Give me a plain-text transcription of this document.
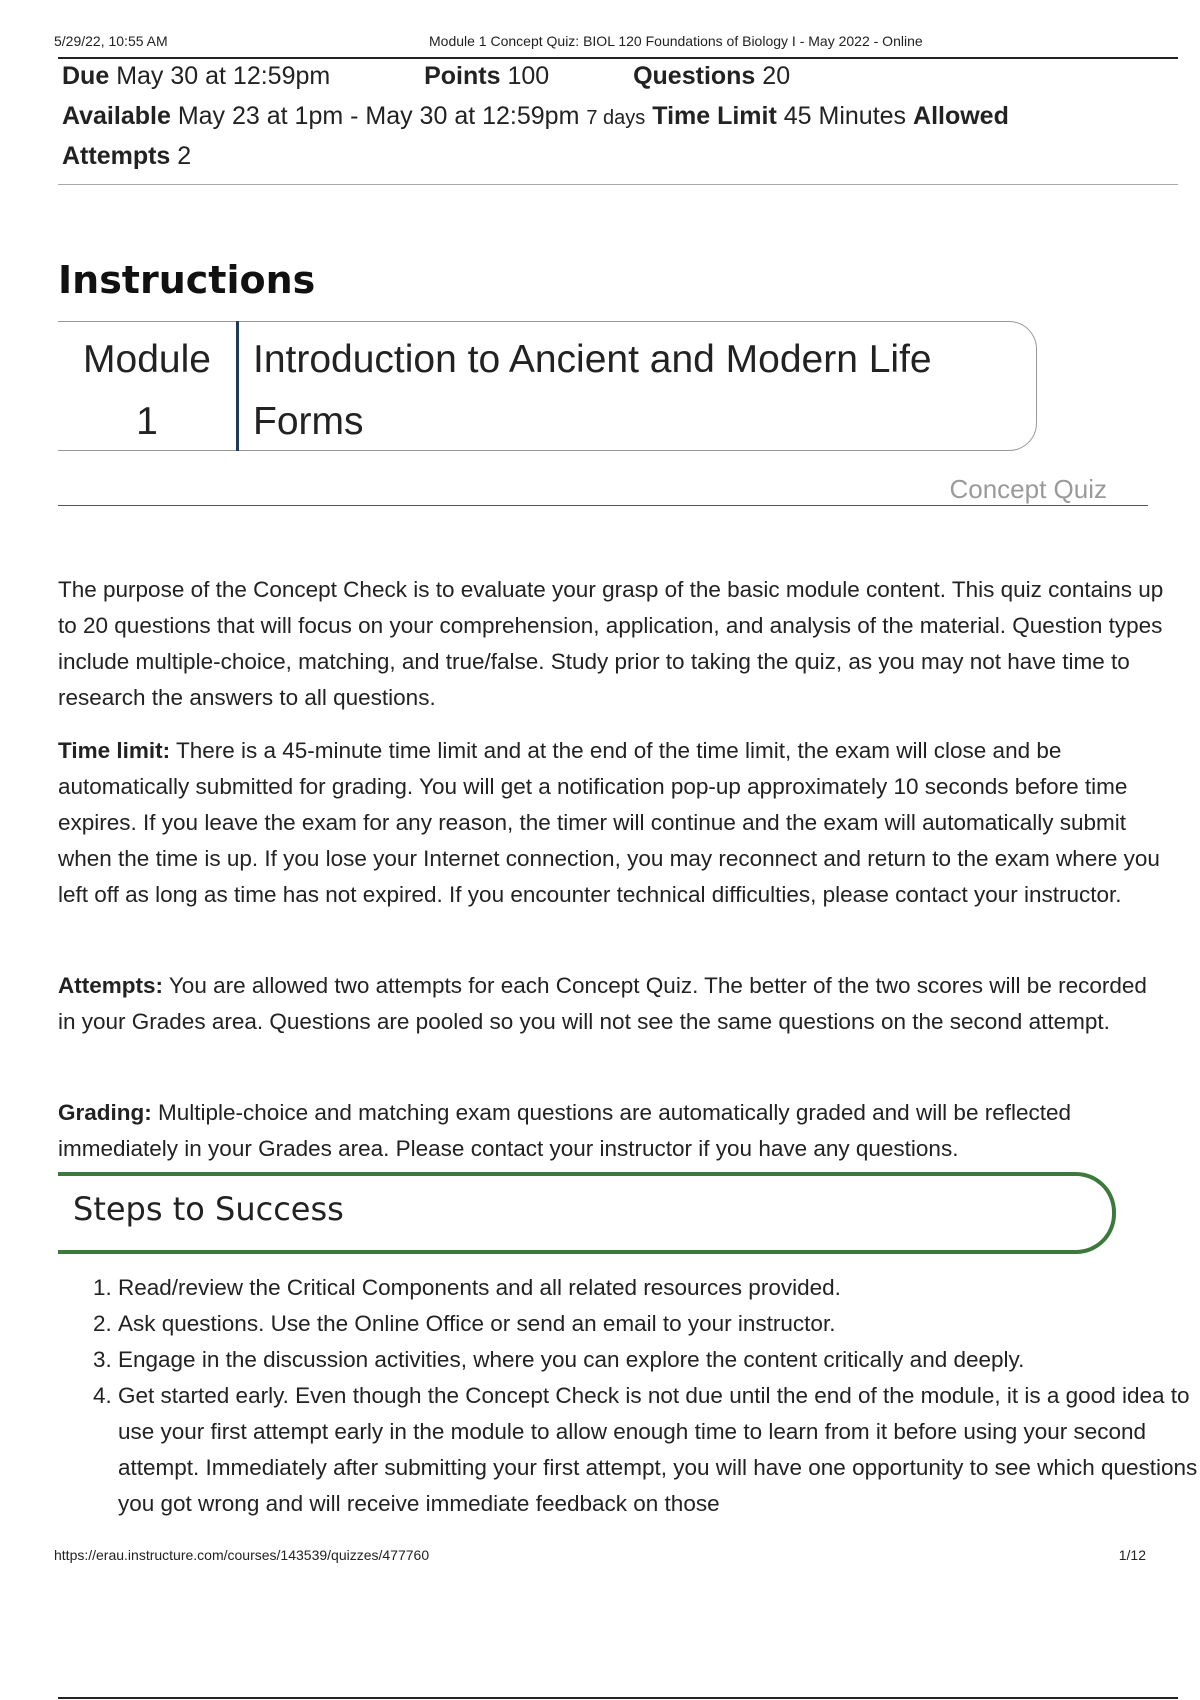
5/29/22, 10:55 AM	Module 1 Concept Quiz: BIOL 120 Foundations of Biology I - May 2022 - Online
Due May 30 at 12:59pm	Points 100	Questions 20
Available May 23 at 1pm - May 30 at 12:59pm 7 days Time Limit 45 Minutes Allowed
Attempts 2
Instructions
Module
1
Introduction to Ancient and Modern Life Forms
Concept Quiz

The purpose of the Concept Check is to evaluate your grasp of the basic module content. This quiz contains up to 20 questions that will focus on your comprehension, application, and analysis of the material. Question types include multiple-choice, matching, and true/false. Study prior to taking the quiz, as you may not have time to research the answers to all questions.

Time limit: There is a 45-minute time limit and at the end of the time limit, the exam will close and be automatically submitted for grading. You will get a notification pop-up approximately 10 seconds before time expires. If you leave the exam for any reason, the timer will continue and the exam will automatically submit when the time is up. If you lose your Internet connection, you may reconnect and return to the exam where you left off as long as time has not expired. If you encounter technical difficulties, please contact your instructor.

Attempts: You are allowed two attempts for each Concept Quiz. The better of the two scores will be recorded in your Grades area. Questions are pooled so you will not see the same questions on the second attempt.

Grading: Multiple-choice and matching exam questions are automatically graded and will be reflected immediately in your Grades area. Please contact your instructor if you have any questions.

Steps to Success
1. Read/review the Critical Components and all related resources provided.
2. Ask questions. Use the Online Office or send an email to your instructor.
3. Engage in the discussion activities, where you can explore the content critically and deeply.
4. Get started early. Even though the Concept Check is not due until the end of the module, it is a good idea to use your first attempt early in the module to allow enough time to learn from it before using your second attempt. Immediately after submitting your first attempt, you will have one opportunity to see which questions you got wrong and will receive immediate feedback on those
https://erau.instructure.com/courses/143539/quizzes/477760	1/12
